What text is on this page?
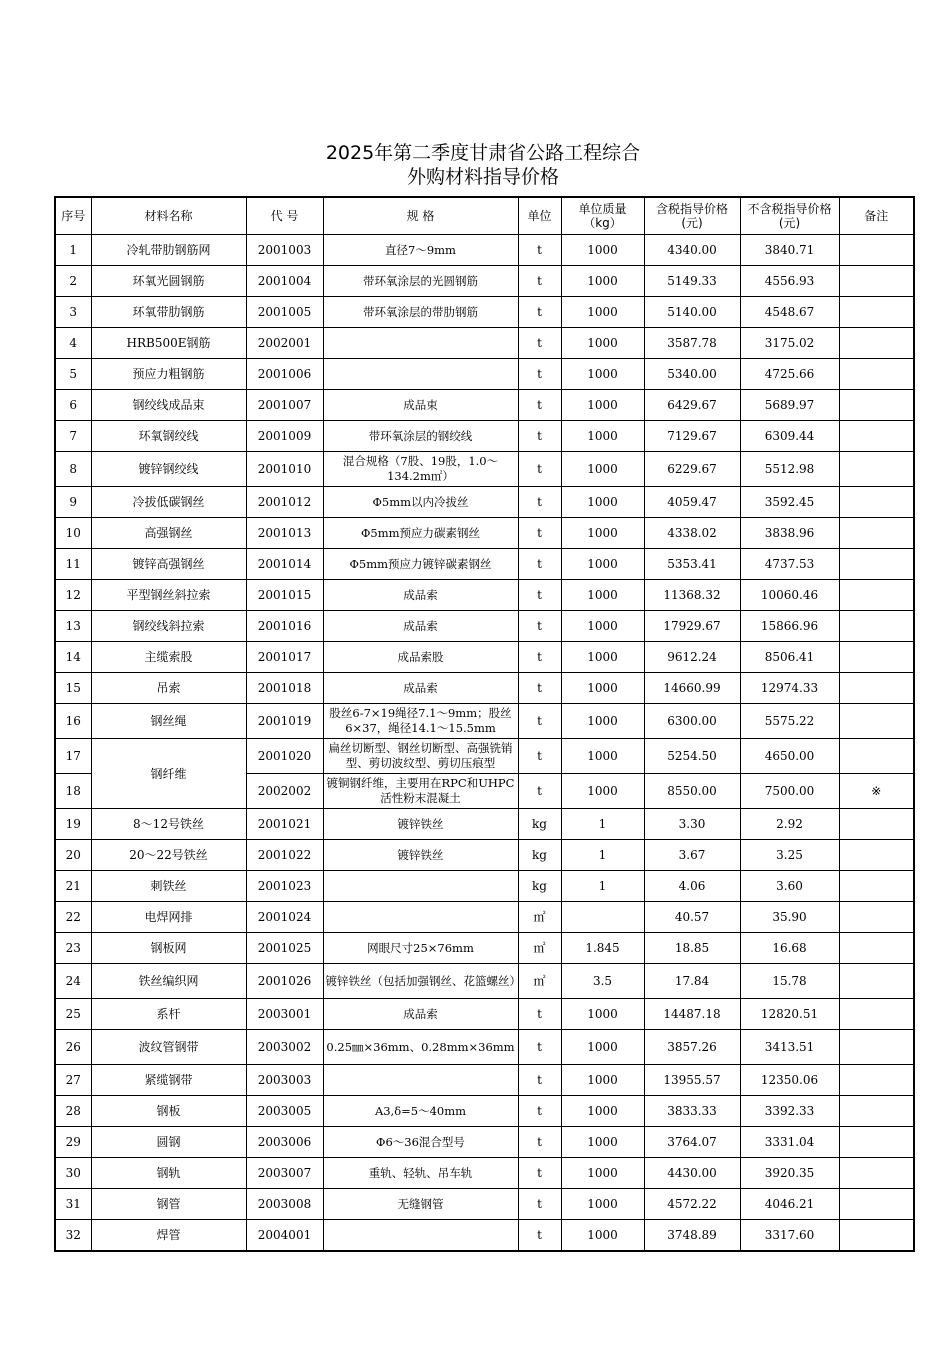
2025年第二季度甘肃省公路工程综合
外购材料指导价格
序号	材料名称	代 号	规 格	单位	单位质量（kg）	含税指导价格(元)	不含税指导价格(元)	备注
1	冷轧带肋钢筋网	2001003	直径7～9mm	t	1000	4340.00	3840.71	
2	环氧光圆钢筋	2001004	带环氧涂层的光圆钢筋	t	1000	5149.33	4556.93	
3	环氧带肋钢筋	2001005	带环氧涂层的带肋钢筋	t	1000	5140.00	4548.67	
4	HRB500E钢筋	2002001		t	1000	3587.78	3175.02	
5	预应力粗钢筋	2001006		t	1000	5340.00	4725.66	
6	钢绞线成品束	2001007	成品束	t	1000	6429.67	5689.97	
7	环氧钢绞线	2001009	带环氧涂层的钢绞线	t	1000	7129.67	6309.44	
8	镀锌钢绞线	2001010	混合规格（7股、19股，1.0～134.2m㎡）	t	1000	6229.67	5512.98	
9	冷拔低碳钢丝	2001012	Φ5mm以内冷拔丝	t	1000	4059.47	3592.45	
10	高强钢丝	2001013	Φ5mm预应力碳素钢丝	t	1000	4338.02	3838.96	
11	镀锌高强钢丝	2001014	Φ5mm预应力镀锌碳素钢丝	t	1000	5353.41	4737.53	
12	平型钢丝斜拉索	2001015	成品索	t	1000	11368.32	10060.46	
13	钢绞线斜拉索	2001016	成品索	t	1000	17929.67	15866.96	
14	主缆索股	2001017	成品索股	t	1000	9612.24	8506.41	
15	吊索	2001018	成品索	t	1000	14660.99	12974.33	
16	钢丝绳	2001019	股丝6-7×19绳径7.1～9mm；股丝6×37，绳径14.1～15.5mm	t	1000	6300.00	5575.22	
17	钢纤维	2001020	扁丝切断型、钢丝切断型、高强铣销型、剪切波纹型、剪切压痕型	t	1000	5254.50	4650.00	
18		2002002	镀铜钢纤维，主要用在RPC和UHPC活性粉末混凝土	t	1000	8550.00	7500.00	※
19	8～12号铁丝	2001021	镀锌铁丝	kg	1	3.30	2.92	
20	20～22号铁丝	2001022	镀锌铁丝	kg	1	3.67	3.25	
21	刺铁丝	2001023		kg	1	4.06	3.60	
22	电焊网排	2001024		㎡		40.57	35.90	
23	钢板网	2001025	网眼尺寸25×76mm	㎡	1.845	18.85	16.68	
24	铁丝编织网	2001026	镀锌铁丝（包括加强钢丝、花篮螺丝）	㎡	3.5	17.84	15.78	
25	系杆	2003001	成品索	t	1000	14487.18	12820.51	
26	波纹管钢带	2003002	0.25㎜×36mm、0.28mm×36mm	t	1000	3857.26	3413.51	
27	紧缆钢带	2003003		t	1000	13955.57	12350.06	
28	钢板	2003005	A3,δ=5～40mm	t	1000	3833.33	3392.33	
29	圆钢	2003006	Φ6～36混合型号	t	1000	3764.07	3331.04	
30	钢轨	2003007	重轨、轻轨、吊车轨	t	1000	4430.00	3920.35	
31	钢管	2003008	无缝钢管	t	1000	4572.22	4046.21	
32	焊管	2004001		t	1000	3748.89	3317.60	
